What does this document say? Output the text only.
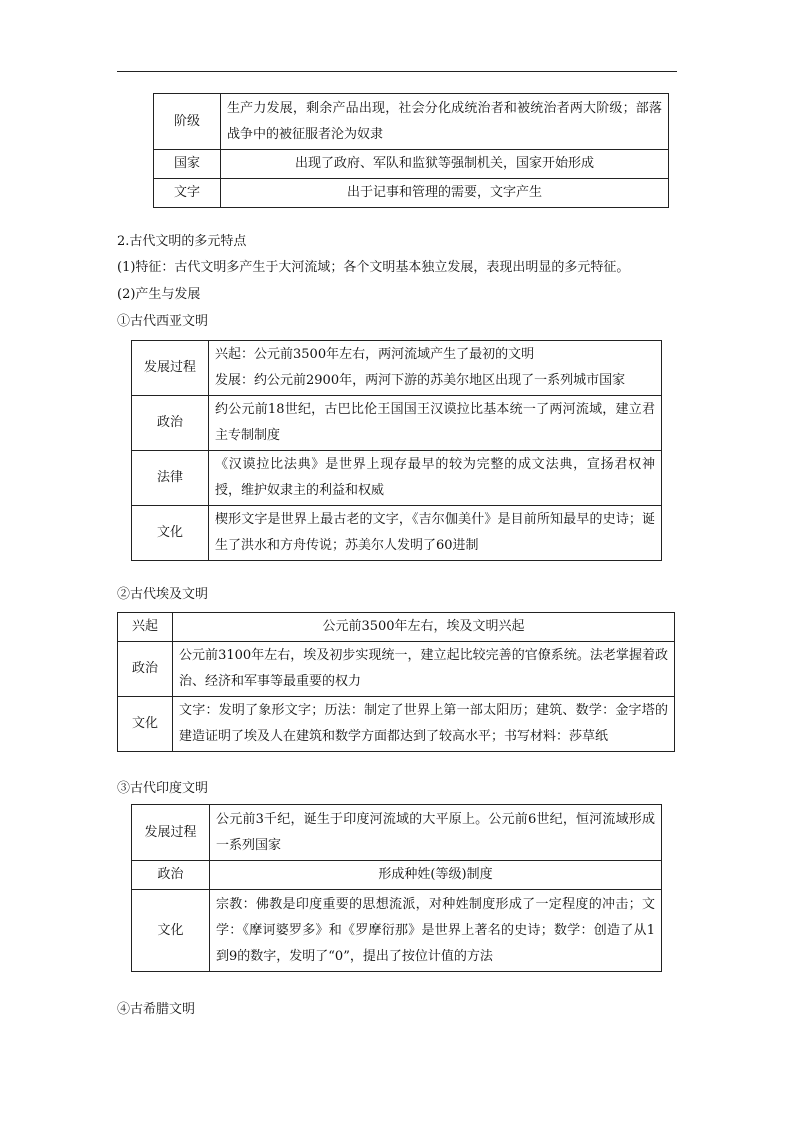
阶级	生产力发展，剩余产品出现，社会分化成统治者和被统治者两大阶级；部落战争中的被征服者沦为奴隶
国家	出现了政府、军队和监狱等强制机关，国家开始形成
文字	出于记事和管理的需要，文字产生
2.古代文明的多元特点
(1)特征：古代文明多产生于大河流域；各个文明基本独立发展，表现出明显的多元特征。
(2)产生与发展
①古代西亚文明
发展过程	兴起：公元前3500年左右，两河流域产生了最初的文明
发展：约公元前2900年，两河下游的苏美尔地区出现了一系列城市国家

政治	约公元前18世纪，古巴比伦王国国王汉谟拉比基本统一了两河流域，建立君主专制制度
法律	《汉谟拉比法典》是世界上现存最早的较为完整的成文法典，宣扬君权神授，维护奴隶主的利益和权威
文化	楔形文字是世界上最古老的文字，《吉尔伽美什》是目前所知最早的史诗；诞生了洪水和方舟传说；苏美尔人发明了60进制
②古代埃及文明
兴起	公元前3500年左右，埃及文明兴起
政治	公元前3100年左右，埃及初步实现统一，建立起比较完善的官僚系统。法老掌握着政治、经济和军事等最重要的权力
文化	文字：发明了象形文字；历法：制定了世界上第一部太阳历；建筑、数学：金字塔的建造证明了埃及人在建筑和数学方面都达到了较高水平；书写材料：莎草纸
③古代印度文明
发展过程	公元前3千纪，诞生于印度河流域的大平原上。公元前6世纪，恒河流域形成一系列国家
政治	形成种姓(等级)制度
文化	宗教：佛教是印度重要的思想流派，对种姓制度形成了一定程度的冲击；文学：《摩诃婆罗多》和《罗摩衍那》是世界上著名的史诗；数学：创造了从1到9的数字，发明了“0”，提出了按位计值的方法
④古希腊文明
